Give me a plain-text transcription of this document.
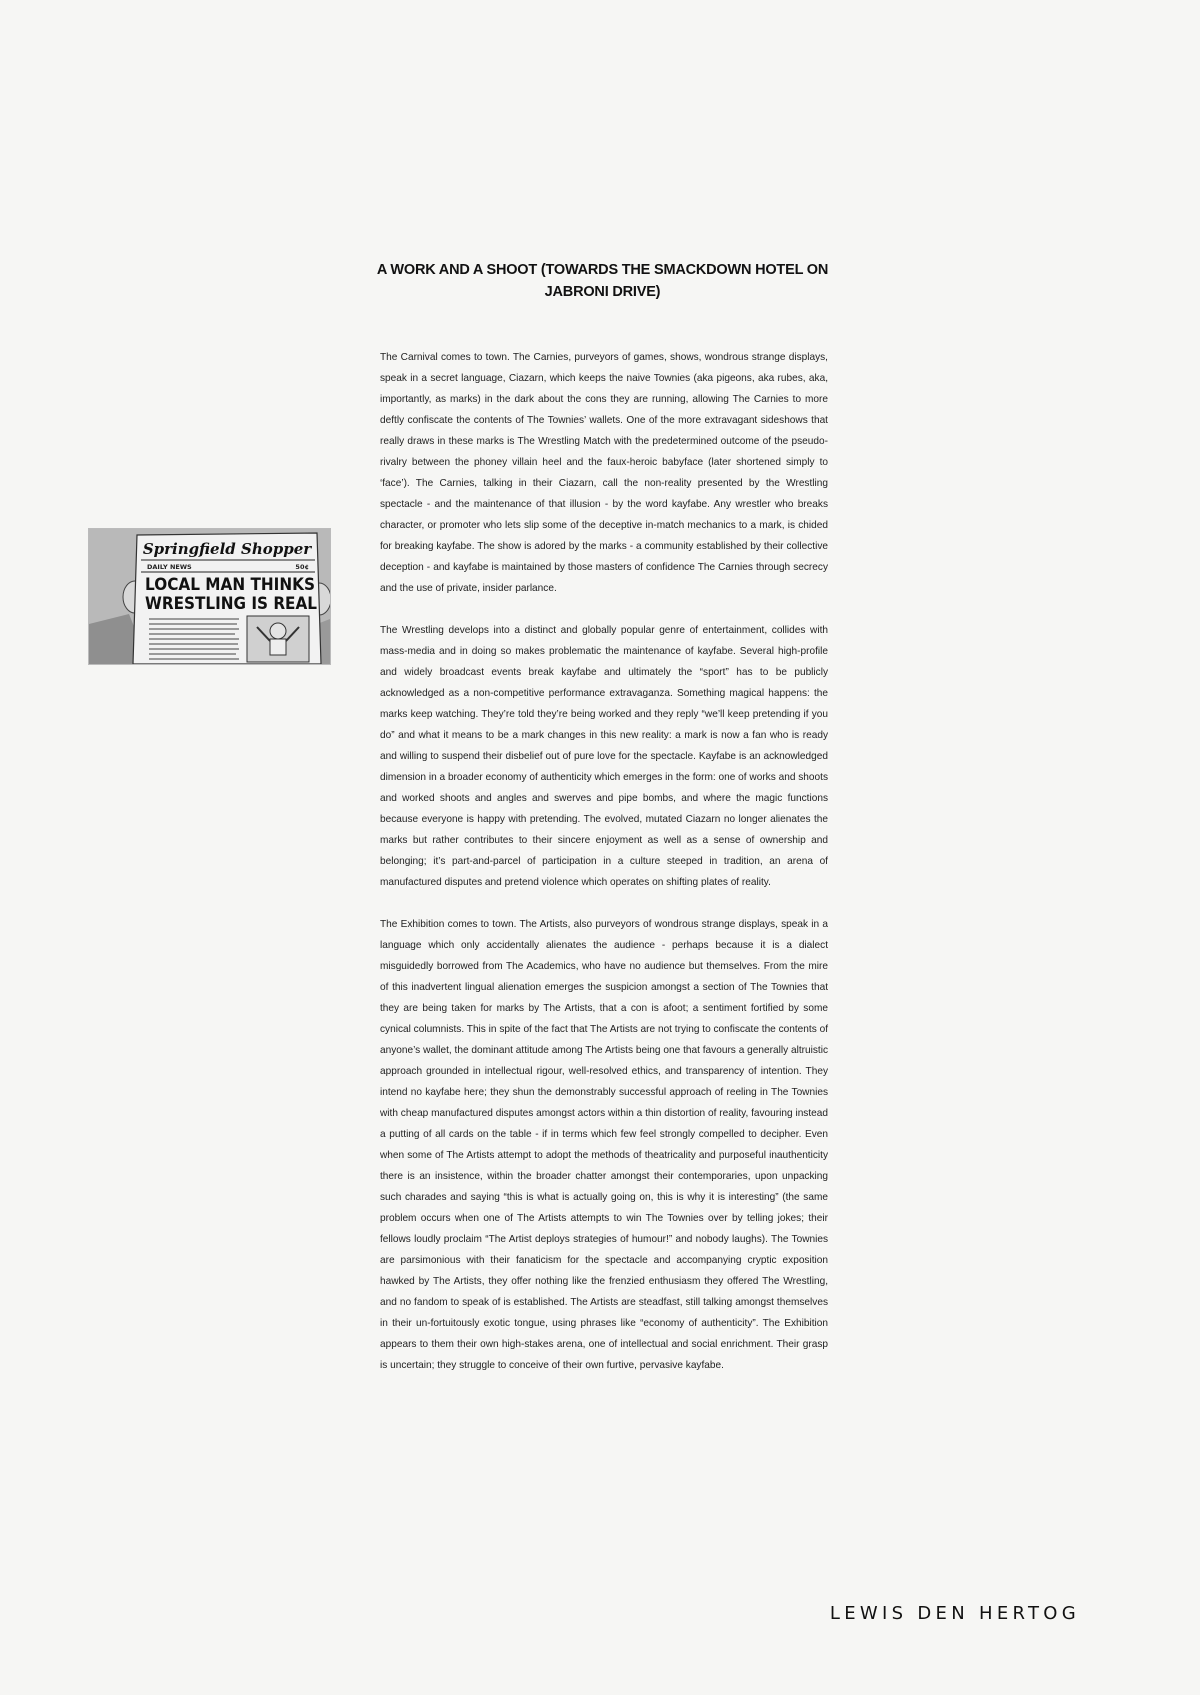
A WORK AND A SHOOT (TOWARDS THE SMACKDOWN HOTEL ON JABRONI DRIVE)
Springfield Shopper
DAILY NEWS	50¢
LOCAL MAN THINKS
WRESTLING IS REAL

The Carnival comes to town. The Carnies, purveyors of games, shows, wondrous strange displays, speak in a secret language, Ciazarn, which keeps the naive Townies (aka pigeons, aka rubes, aka, importantly, as marks) in the dark about the cons they are running, allowing The Carnies to more deftly confiscate the contents of The Townies’ wallets. One of the more extravagant sideshows that really draws in these marks is The Wrestling Match with the predetermined outcome of the pseudo-rivalry between the phoney villain heel and the faux-heroic babyface (later shortened simply to ‘face’). The Carnies, talking in their Ciazarn, call the non-reality presented by the Wrestling spectacle - and the maintenance of that illusion - by the word kayfabe. Any wrestler who breaks character, or promoter who lets slip some of the deceptive in-match mechanics to a mark, is chided for breaking kayfabe. The show is adored by the marks - a community established by their collective deception - and kayfabe is maintained by those masters of confidence The Carnies through secrecy and the use of private, insider parlance.

The Wrestling develops into a distinct and globally popular genre of entertainment, collides with mass-media and in doing so makes problematic the maintenance of kayfabe. Several high-profile and widely broadcast events break kayfabe and ultimately the “sport” has to be publicly acknowledged as a non-competitive performance extravaganza. Something magical happens: the marks keep watching. They’re told they’re being worked and they reply “we’ll keep pretending if you do” and what it means to be a mark changes in this new reality: a mark is now a fan who is ready and willing to suspend their disbelief out of pure love for the spectacle. Kayfabe is an acknowledged dimension in a broader economy of authenticity which emerges in the form: one of works and shoots and worked shoots and angles and swerves and pipe bombs, and where the magic functions because everyone is happy with pretending. The evolved, mutated Ciazarn no longer alienates the marks but rather contributes to their sincere enjoyment as well as a sense of ownership and belonging; it’s part-and-parcel of participation in a culture steeped in tradition, an arena of manufactured disputes and pretend violence which operates on shifting plates of reality.

The Exhibition comes to town. The Artists, also purveyors of wondrous strange displays, speak in a language which only accidentally alienates the audience - perhaps because it is a dialect misguidedly borrowed from The Academics, who have no audience but themselves. From the mire of this inadvertent lingual alienation emerges the suspicion amongst a section of The Townies that they are being taken for marks by The Artists, that a con is afoot; a sentiment fortified by some cynical columnists. This in spite of the fact that The Artists are not trying to confiscate the contents of anyone’s wallet, the dominant attitude among The Artists being one that favours a generally altruistic approach grounded in intellectual rigour, well-resolved ethics, and transparency of intention. They intend no kayfabe here; they shun the demonstrably successful approach of reeling in The Townies with cheap manufactured disputes amongst actors within a thin distortion of reality, favouring instead a putting of all cards on the table - if in terms which few feel strongly compelled to decipher. Even when some of The Artists attempt to adopt the methods of theatricality and purposeful inauthenticity there is an insistence, within the broader chatter amongst their contemporaries, upon unpacking such charades and saying “this is what is actually going on, this is why it is interesting” (the same problem occurs when one of The Artists attempts to win The Townies over by telling jokes; their fellows loudly proclaim “The Artist deploys strategies of humour!” and nobody laughs). The Townies are parsimonious with their fanaticism for the spectacle and accompanying cryptic exposition hawked by The Artists, they offer nothing like the frenzied enthusiasm they offered The Wrestling, and no fandom to speak of is established. The Artists are steadfast, still talking amongst themselves in their un-fortuitously exotic tongue, using phrases like “economy of authenticity”. The Exhibition appears to them their own high-stakes arena, one of intellectual and social enrichment. Their grasp is uncertain; they struggle to conceive of their own furtive, pervasive kayfabe.

LEWIS DEN HERTOG
